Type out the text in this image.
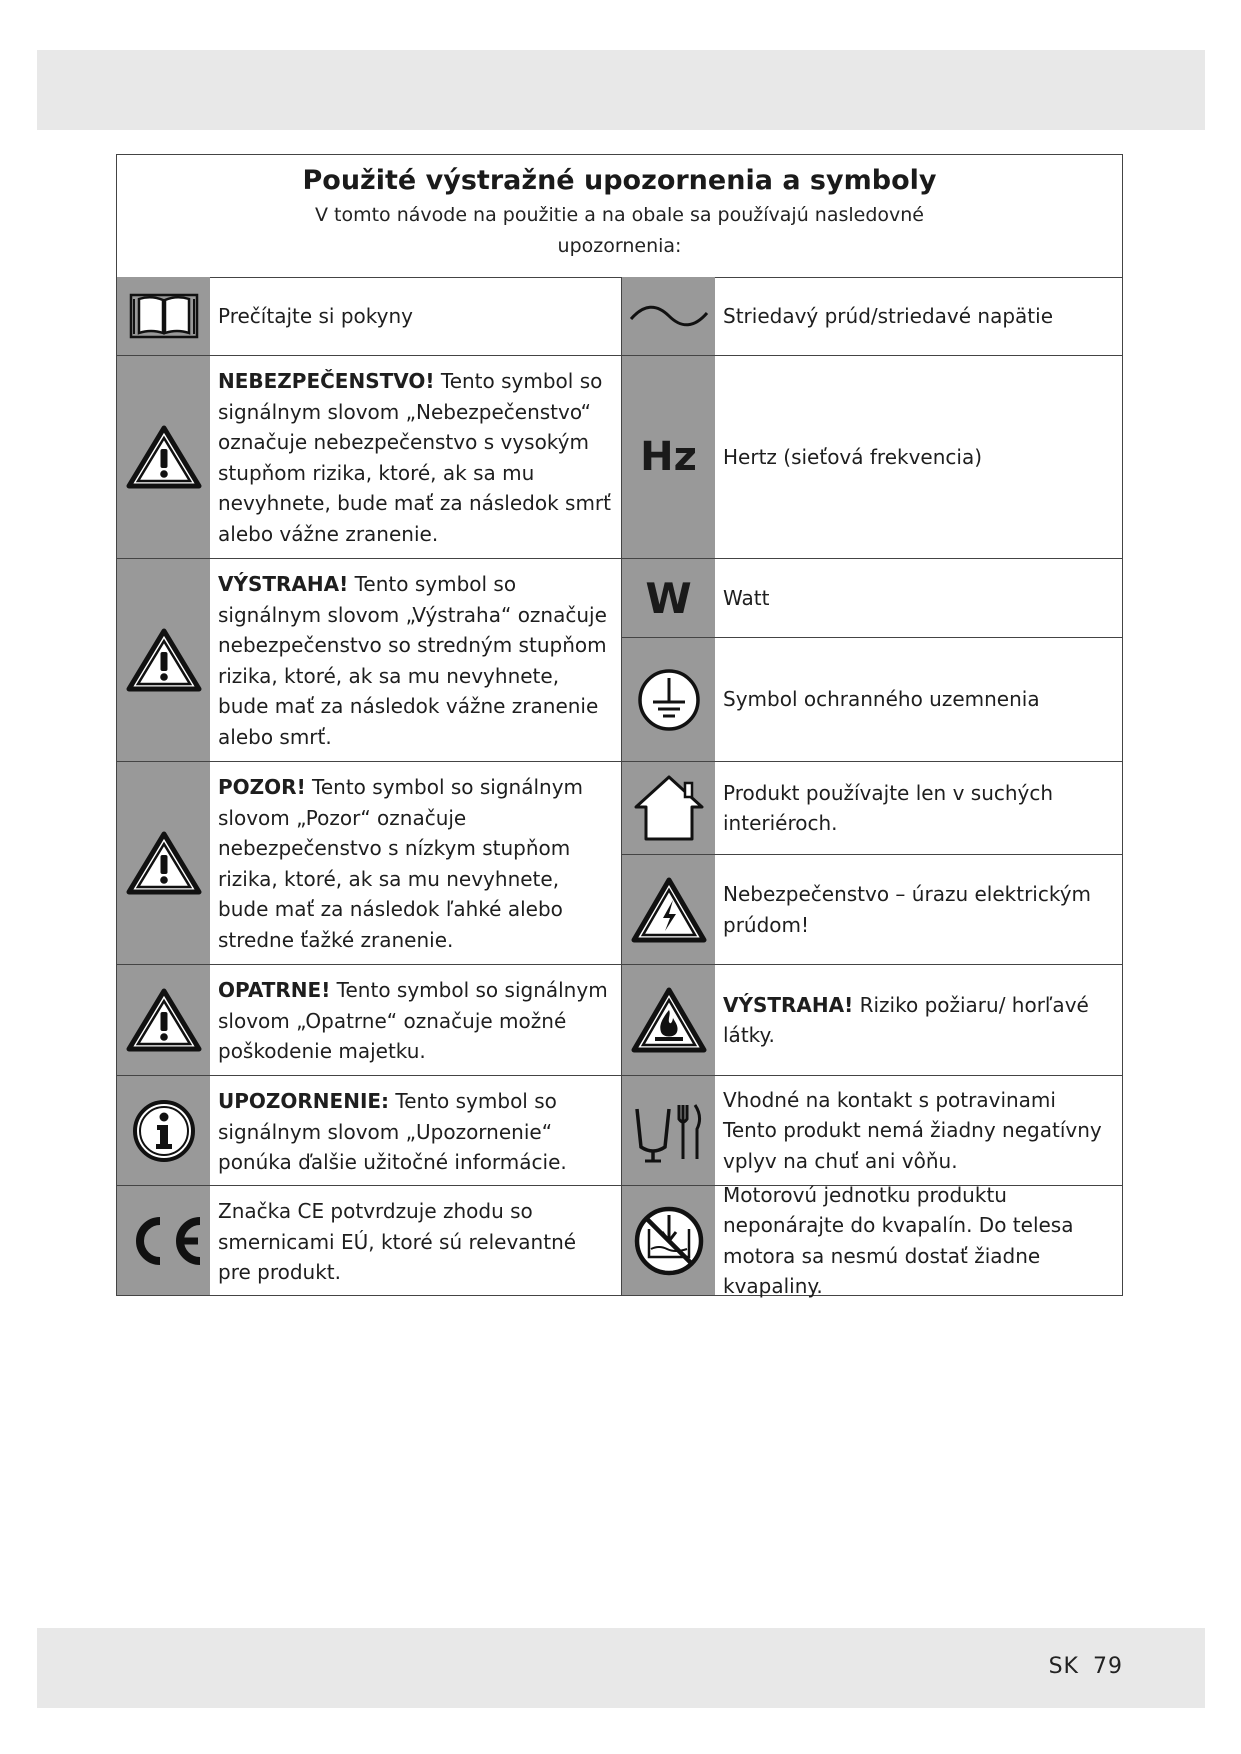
Použité výstražné upozornenia a symboly

V tomto návode na použitie a na obale sa používajú nasledovné upozornenia:

Prečítajte si pokyny
NEBEZPEČENSTVO! Tento symbol so signálnym slovom „Nebezpečenstvo“ označuje nebezpečenstvo s vysokým stupňom rizika, ktoré, ak sa mu nevyhnete, bude mať za následok smrť alebo vážne zranenie.
VÝSTRAHA! Tento symbol so signálnym slovom „Výstraha“ označuje nebezpečenstvo so stredným stupňom rizika, ktoré, ak sa mu nevyhnete, bude mať za následok vážne zranenie alebo smrť.
POZOR! Tento symbol so signálnym slovom „Pozor“ označuje nebezpečenstvo s nízkym stupňom rizika, ktoré, ak sa mu nevyhnete, bude mať za následok ľahké alebo stredne ťažké zranenie.
OPATRNE! Tento symbol so signálnym slovom „Opatrne“ označuje možné poškodenie majetku.
UPOZORNENIE: Tento symbol so signálnym slovom „Upozornenie“ ponúka ďalšie užitočné informácie.
Značka CE potvrdzuje zhodu so smernicami EÚ, ktoré sú relevantné pre produkt.
Striedavý prúd/striedavé napätie
Hz Hertz (sieťová frekvencia)
W Watt
Symbol ochranného uzemnenia
Produkt používajte len v suchých interiéroch.
Nebezpečenstvo – úrazu elektrickým prúdom!
VÝSTRAHA! Riziko požiaru/ horľavé látky.
Vhodné na kontakt s potravinami Tento produkt nemá žiadny negatívny vplyv na chuť ani vôňu.
Motorovú jednotku produktu neponárajte do kvapalín. Do telesa motora sa nesmú dostať žiadne kvapaliny.
SK 79
